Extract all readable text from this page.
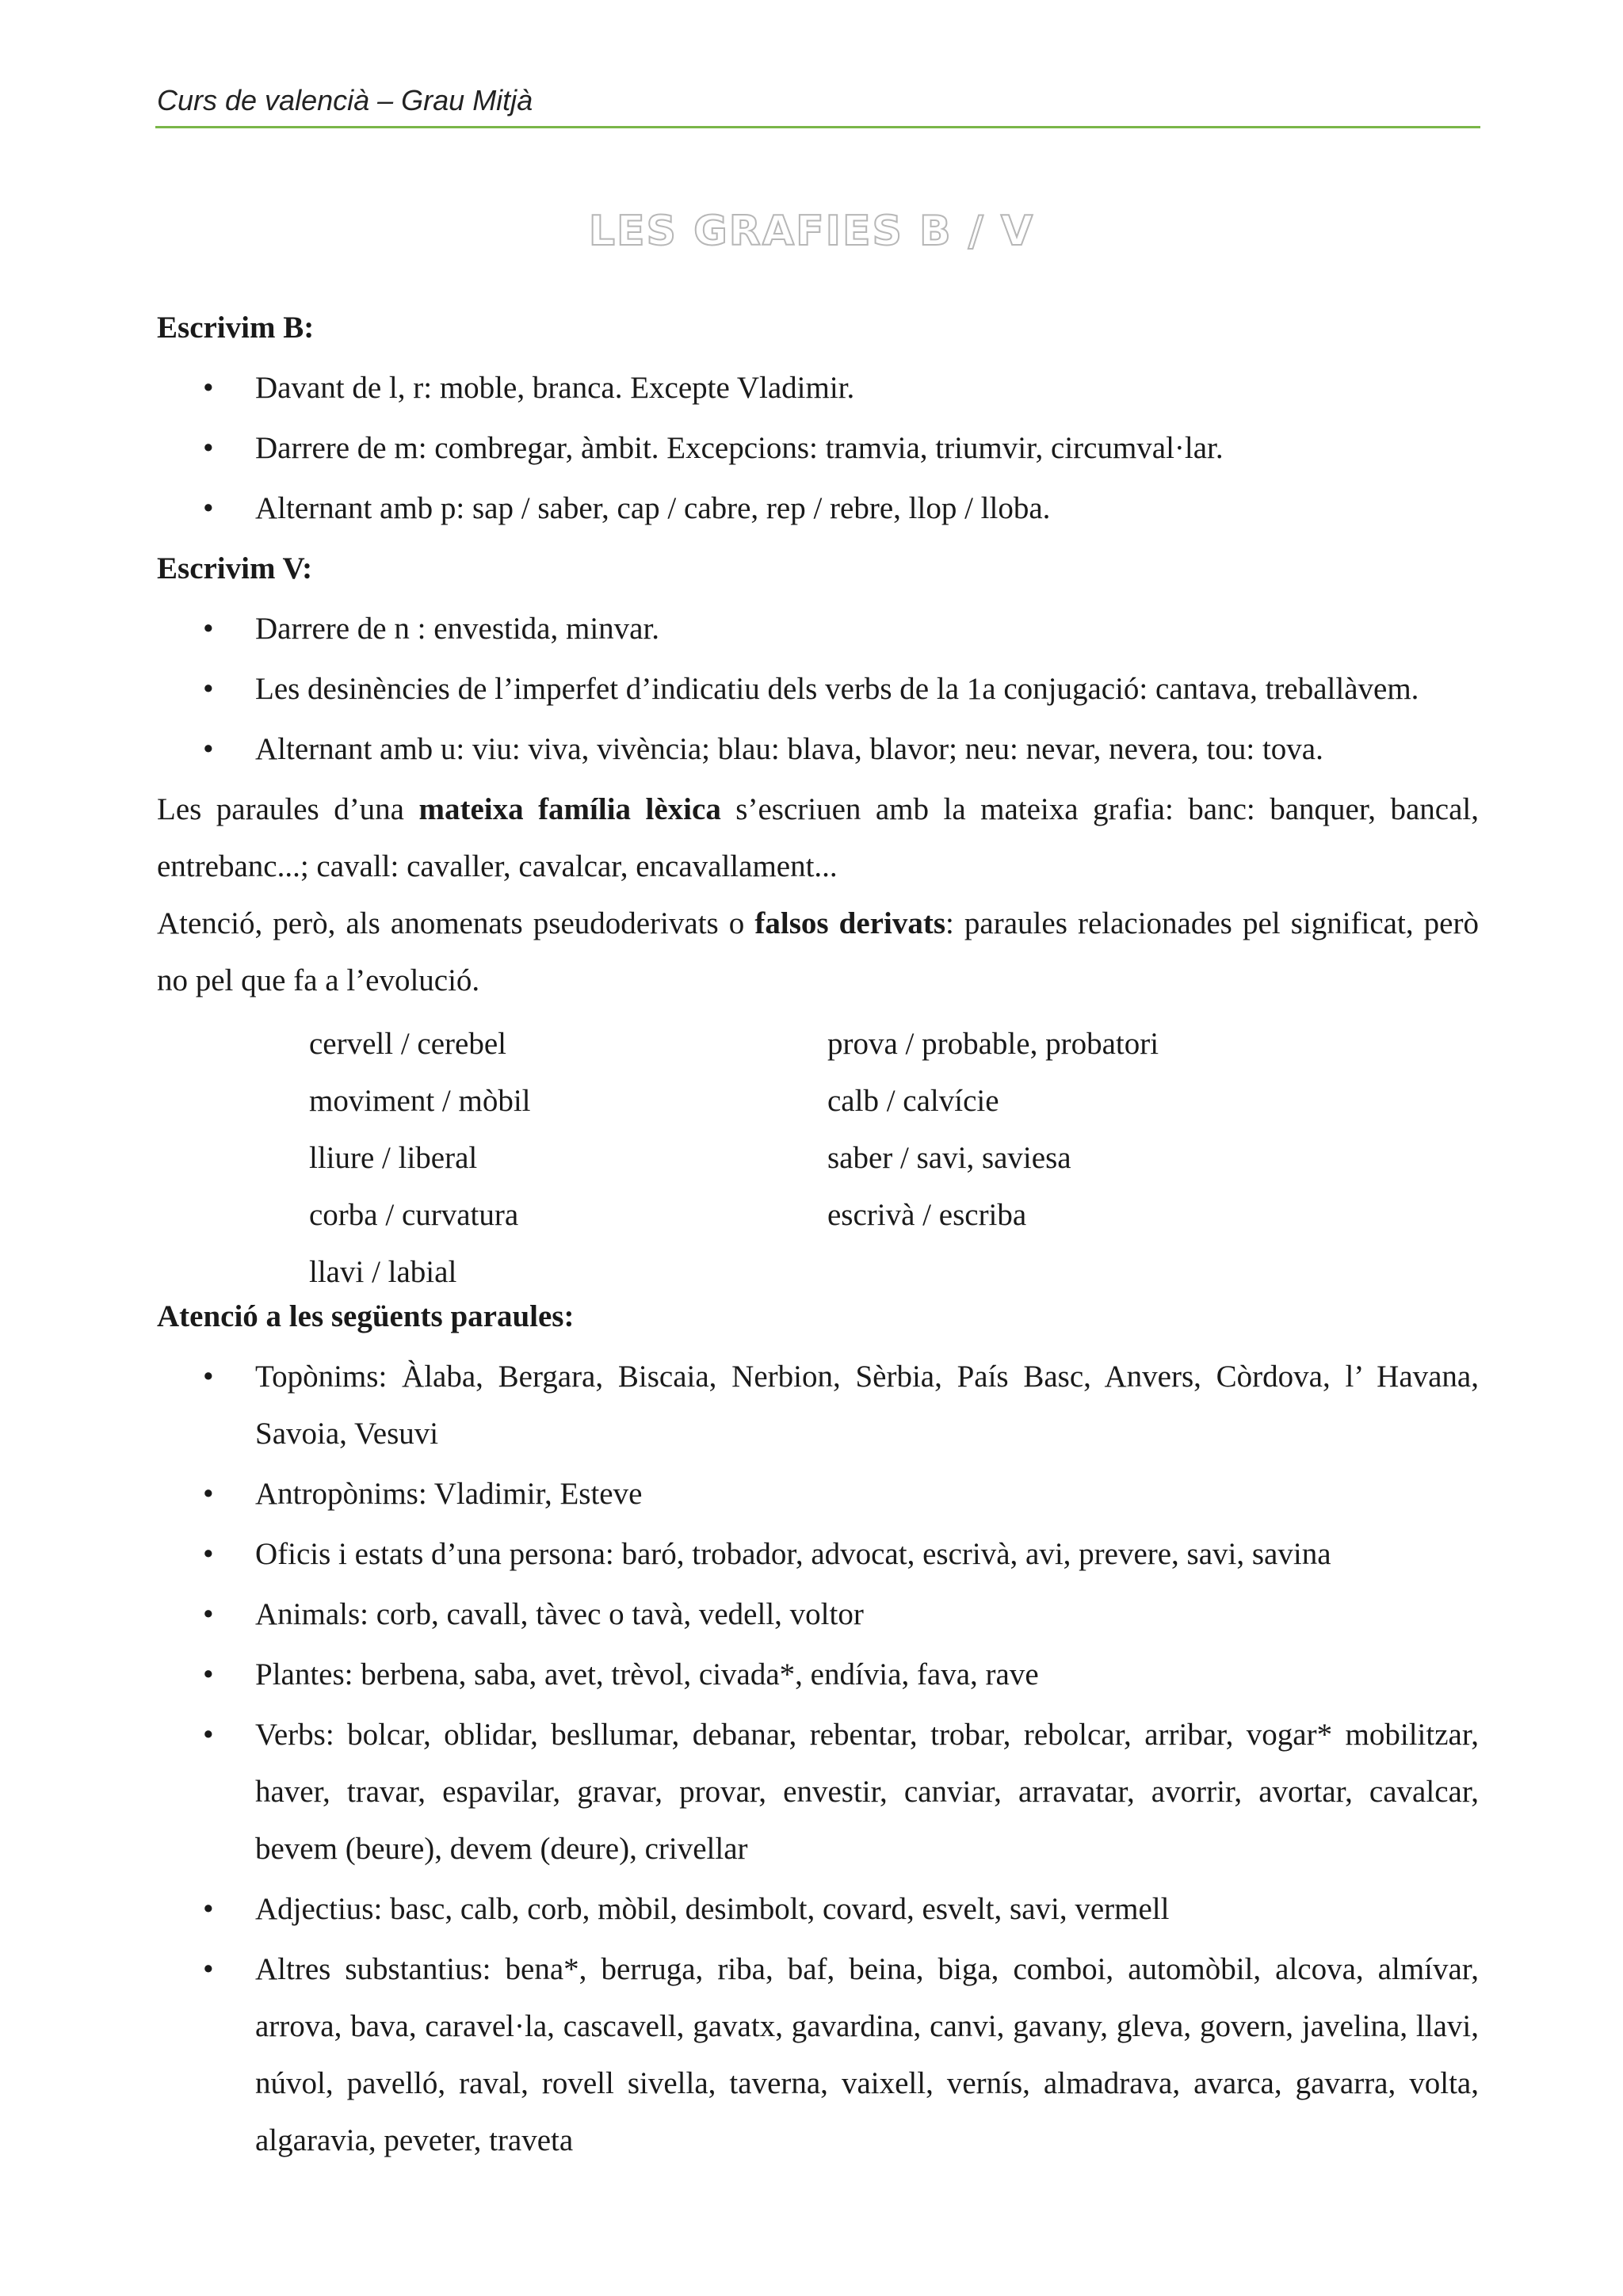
Curs de valencià – Grau Mitjà
LES GRAFIES B / V

Escrivim B:

• Davant de l, r: moble, branca. Excepte Vladimir.
• Darrere de m: combregar, àmbit. Excepcions: tramvia, triumvir, circumval·lar.
• Alternant amb p: sap / saber, cap / cabre, rep / rebre, llop / lloba.

Escrivim V:

• Darrere de n : envestida, minvar.
• Les desinències de l’imperfet d’indicatiu dels verbs de la 1a conjugació: cantava, treballàvem.
• Alternant amb u: viu: viva, vivència; blau: blava, blavor; neu: nevar, nevera, tou: tova.

Les paraules d’una mateixa família lèxica s’escriuen amb la mateixa grafia: banc: banquer, bancal, entrebanc...; cavall: cavaller, cavalcar, encavallament...

Atenció, però, als anomenats pseudoderivats o falsos derivats: paraules relacionades pel significat, però no pel que fa a l’evolució.

cervell / cerebel	prova / probable, probatori
moviment / mòbil	calb / calvície
lliure / liberal	saber / savi, saviesa
corba / curvatura	escrivà / escriba
llavi / labial

Atenció a les següents paraules:

• Topònims: Àlaba, Bergara, Biscaia, Nerbion, Sèrbia, País Basc, Anvers, Còrdova, l’ Havana, Savoia, Vesuvi
• Antropònims: Vladimir, Esteve
• Oficis i estats d’una persona: baró, trobador, advocat, escrivà, avi, prevere, savi, savina
• Animals: corb, cavall, tàvec o tavà, vedell, voltor
• Plantes: berbena, saba, avet, trèvol, civada*, endívia, fava, rave
• Verbs: bolcar, oblidar, besllumar, debanar, rebentar, trobar, rebolcar, arribar, vogar* mobilitzar, haver, travar, espavilar, gravar, provar, envestir, canviar, arravatar, avorrir, avortar, cavalcar, bevem (beure), devem (deure), crivellar
• Adjectius: basc, calb, corb, mòbil, desimbolt, covard, esvelt, savi, vermell
• Altres substantius: bena*, berruga, riba, baf, beina, biga, comboi, automòbil, alcova, almívar, arrova, bava, caravel·la, cascavell, gavatx, gavardina, canvi, gavany, gleva, govern, javelina, llavi, núvol, pavelló, raval, rovell sivella, taverna, vaixell, vernís, almadrava, avarca, gavarra, volta, algaravia, peveter, traveta
